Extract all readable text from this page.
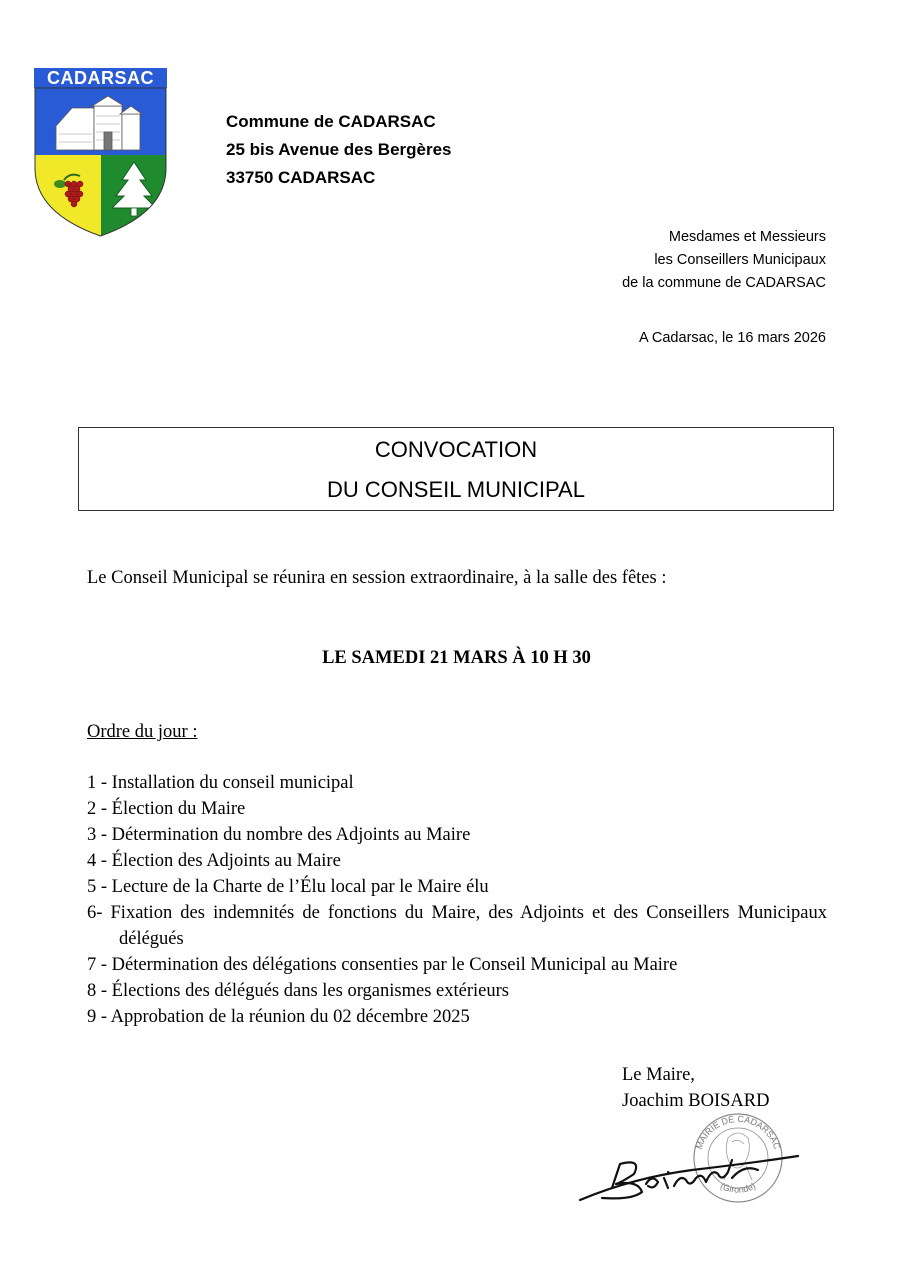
CADARSAC
Commune de CADARSAC
25 bis Avenue des Bergères
33750 CADARSAC
Mesdames et Messieurs
les Conseillers Municipaux
de la commune de CADARSAC
A Cadarsac, le 16 mars 2026
CONVOCATION
DU CONSEIL MUNICIPAL
Le Conseil Municipal se réunira en session extraordinaire, à la salle des fêtes :
LE SAMEDI 21 MARS À 10 H 30
Ordre du jour :
1 - Installation du conseil municipal
2 - Élection du Maire
3 - Détermination du nombre des Adjoints au Maire
4 - Élection des Adjoints au Maire
5 - Lecture de la Charte de l’Élu local par le Maire élu
6- Fixation des indemnités de fonctions du Maire, des Adjoints et des Conseillers Municipaux délégués
7 - Détermination des délégations consenties par le Conseil Municipal au Maire
8 - Élections des délégués dans les organismes extérieurs
9 - Approbation de la réunion du 02 décembre 2025
Le Maire,
Joachim BOISARD
MAIRIE DE CADARSAC
(Gironde)
